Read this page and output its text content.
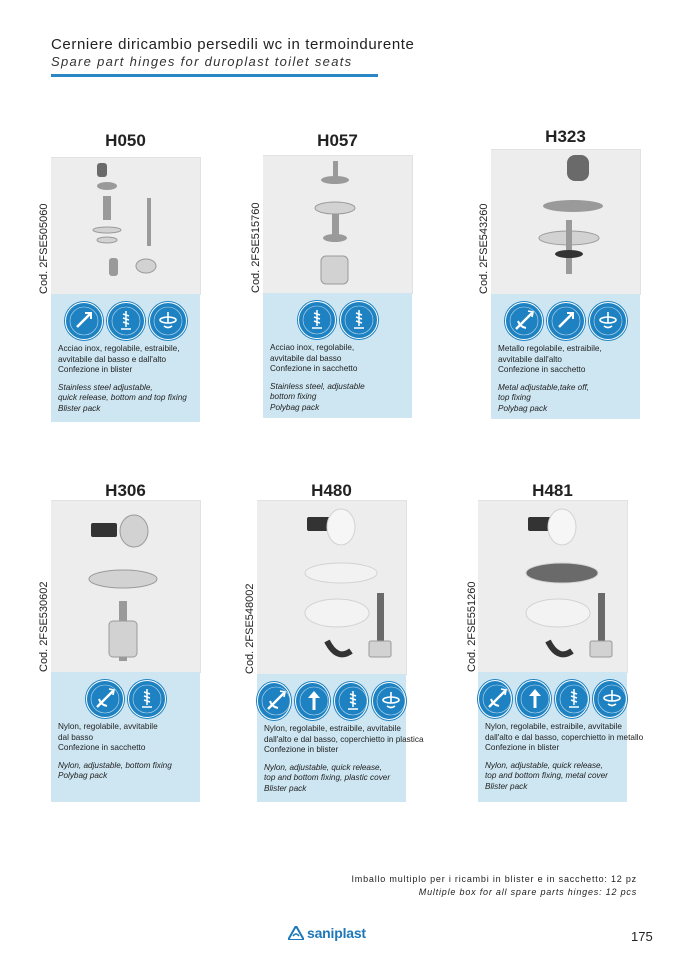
Cerniere diricambio persedili wc in termoindurente
Spare part hinges for duroplast toilet seats
H050
Cod. 2FSE505060
Acciao inox, regolabile, estraibile,
avvitabile dal basso e dall'alto
Confezione in blister
Stainless steel adjustable,
quick release, bottom and top fixing
Blister pack
H057
Cod. 2FSE515760
Acciao inox, regolabile,
avvitabile dal basso
Confezione in sacchetto
Stainless steel, adjustable
bottom fixing
Polybag pack
H323
Cod. 2FSE543260
Metallo regolabile, estraibile,
avvitabile dall'alto
Confezione in sacchetto
Metal adjustable,take off,
top fixing
Polybag pack
H306
Cod. 2FSE530602
Nylon, regolabile, avvitabile
dal basso
Confezione in sacchetto
Nylon, adjustable, bottom fixing
Polybag pack
H480
Cod. 2FSE548002
Nylon, regolabile, estraibile, avvitabile
dall'alto e dal basso, coperchietto in plastica
Confezione in blister
Nylon, adjustable, quick release,
top and bottom fixing, plastic cover
Blister pack
H481
Cod. 2FSE551260
Nylon, regolabile, estraibile, avvitabile
dall'alto e dal basso, coperchietto in metallo
Confezione in blister
Nylon, adjustable, quick release,
top and bottom fixing, metal cover
Blister pack
Imballo multiplo per i ricambi in blister e in sacchetto: 12 pz
Multiple box for all spare parts hinges: 12 pcs
saniplast	175
